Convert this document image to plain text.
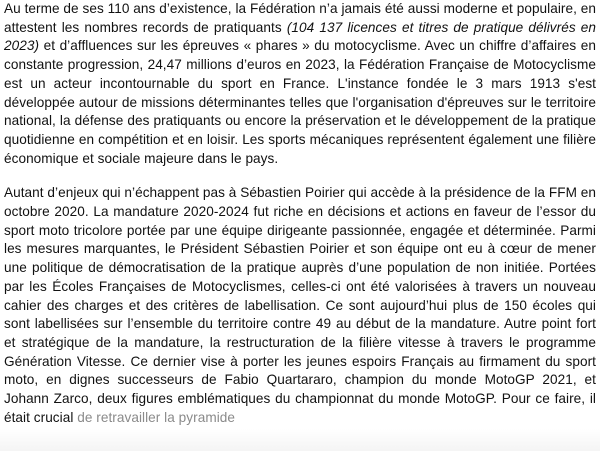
Au terme de ses 110 ans d’existence, la Fédération n’a jamais été aussi moderne et populaire, en attestent les nombres records de pratiquants (104 137 licences et titres de pratique délivrés en 2023) et d’affluences sur les épreuves « phares » du motocyclisme. Avec un chiffre d’affaires en constante progression, 24,47 millions d’euros en 2023, la Fédération Française de Motocyclisme est un acteur incontournable du sport en France. L'instance fondée le 3 mars 1913 s'est développée autour de missions déterminantes telles que l'organisation d'épreuves sur le territoire national, la défense des pratiquants ou encore la préservation et le développement de la pratique quotidienne en compétition et en loisir. Les sports mécaniques représentent également une filière économique et sociale majeure dans le pays.

Autant d’enjeux qui n’échappent pas à Sébastien Poirier qui accède à la présidence de la FFM en octobre 2020. La mandature 2020-2024 fut riche en décisions et actions en faveur de l’essor du sport moto tricolore portée par une équipe dirigeante passionnée, engagée et déterminée. Parmi les mesures marquantes, le Président Sébastien Poirier et son équipe ont eu à cœur de mener une politique de démocratisation de la pratique auprès d’une population de non initiée. Portées par les Écoles Françaises de Motocyclismes, celles-ci ont été valorisées à travers un nouveau cahier des charges et des critères de labellisation. Ce sont aujourd’hui plus de 150 écoles qui sont labellisées sur l’ensemble du territoire contre 49 au début de la mandature. Autre point fort et stratégique de la mandature, la restructuration de la filière vitesse à travers le programme Génération Vitesse. Ce dernier vise à porter les jeunes espoirs Français au firmament du sport moto, en dignes successeurs de Fabio Quartararo, champion du monde MotoGP 2021, et Johann Zarco, deux figures emblématiques du championnat du monde MotoGP. Pour ce faire, il était crucial de retravailler la pyramide
